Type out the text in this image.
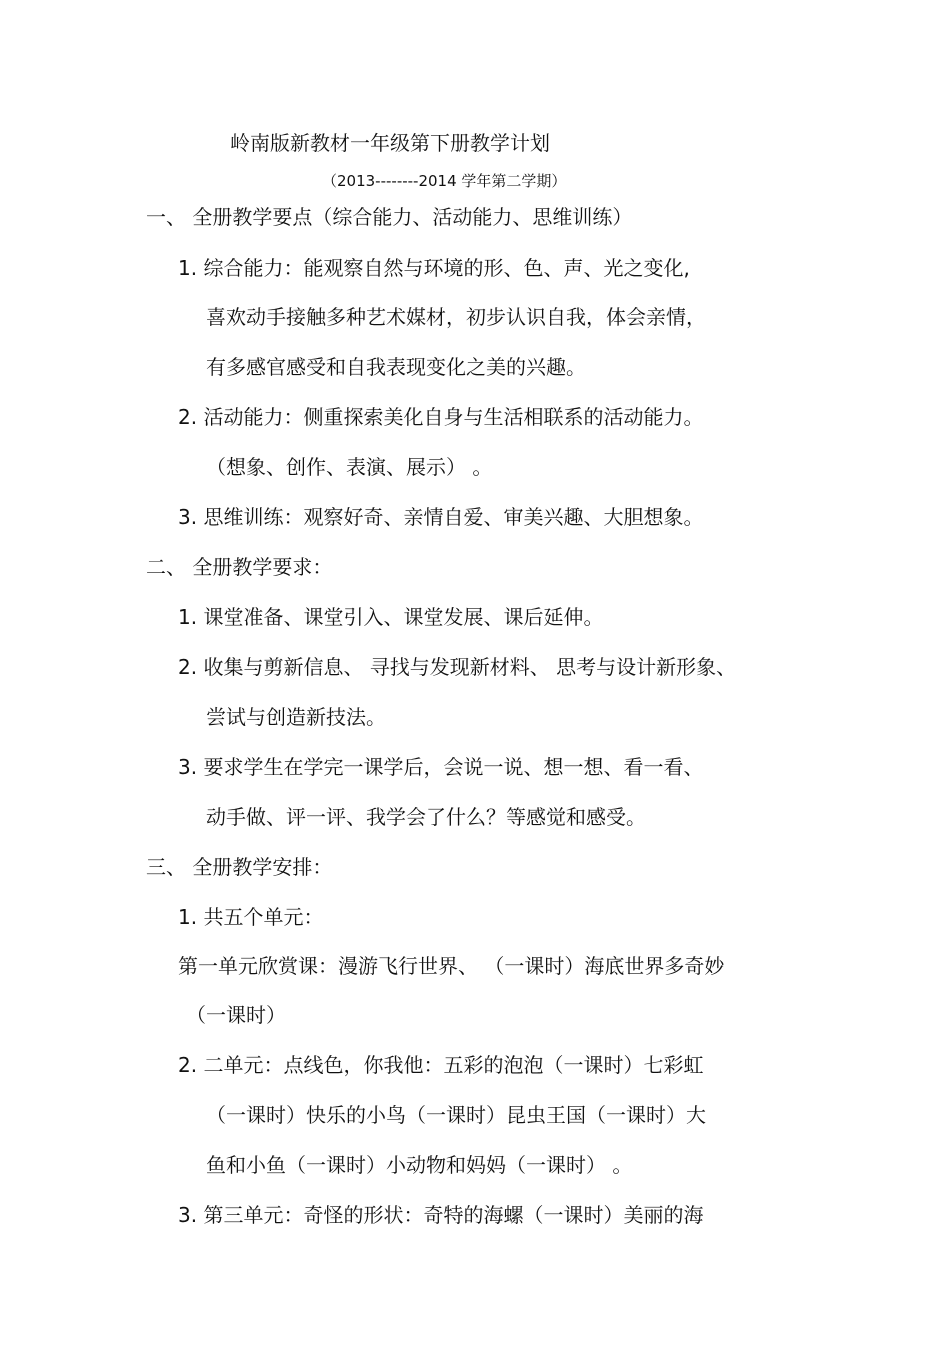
岭南版新教材一年级第下册教学计划
（2013--------2014 学年第二学期）
一、 全册教学要点（综合能力、活动能力、思维训练）
1. 综合能力：能观察自然与环境的形、色、声、光之变化,
喜欢动手接触多种艺术媒材，初步认识自我，体会亲情，
有多感官感受和自我表现变化之美的兴趣。
2. 活动能力：侧重探索美化自身与生活相联系的活动能力。
（想象、创作、表演、展示） 。
3. 思维训练：观察好奇、亲情自爱、审美兴趣、大胆想象。
二、 全册教学要求：
1. 课堂准备、课堂引入、课堂发展、课后延伸。
2. 收集与剪新信息、 寻找与发现新材料、 思考与设计新形象、
尝试与创造新技法。
3. 要求学生在学完一课学后，会说一说、想一想、看一看、
动手做、评一评、我学会了什么？等感觉和感受。
三、 全册教学安排：
1. 共五个单元：
第一单元欣赏课：漫游飞行世界、 （一课时）海底世界多奇妙
（一课时）
2. 二单元：点线色，你我他：五彩的泡泡（一课时）七彩虹
（一课时）快乐的小鸟（一课时）昆虫王国（一课时）大
鱼和小鱼（一课时）小动物和妈妈（一课时） 。
3. 第三单元：奇怪的形状：奇特的海螺（一课时）美丽的海
